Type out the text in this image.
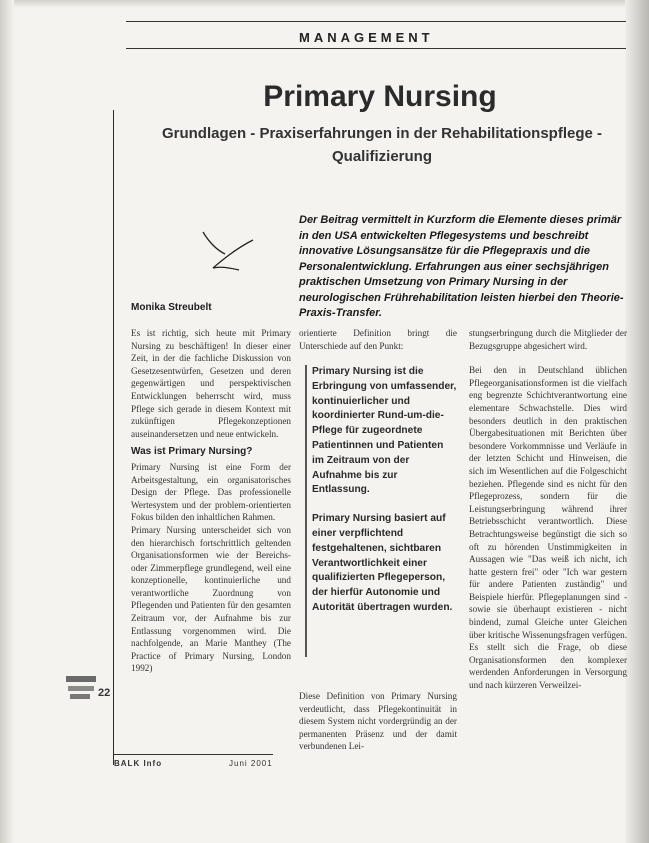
MANAGEMENT
Primary Nursing
Grundlagen - Praxiserfahrungen in der Rehabilitationspflege -
Qualifizierung
Der Beitrag vermittelt in Kurzform die Elemente dieses primär in den USA entwickelten Pflegesystems und beschreibt innovative Lösungsansätze für die Pflegepraxis und die Personalentwicklung. Erfahrungen aus einer sechsjährigen praktischen Umsetzung von Primary Nursing in der neurologischen Frührehabilitation leisten hierbei den Theorie-Praxis-Transfer.
Monika Streubelt

Es ist richtig, sich heute mit Primary Nursing zu beschäftigen! In dieser einer Zeit, in der die fachliche Diskussion von Gesetzesentwürfen, Gesetzen und deren gegenwärtigen und perspektivischen Entwicklungen beherrscht wird, muss Pflege sich gerade in diesem Kontext mit zukünftigen Pflegekonzeptionen auseinandersetzen und neue entwickeln.

Was ist Primary Nursing?

Primary Nursing ist eine Form der Arbeitsgestaltung, ein organisatorisches Design der Pflege. Das professionelle Wertesystem und der problem-orientierten Fokus bilden den inhaltlichen Rahmen.

Primary Nursing unterscheidet sich von den hierarchisch fortschrittlich geltenden Organisationsformen wie der Bereichs- oder Zimmerpflege grundlegend, weil eine konzeptionelle, kontinuierliche und verantwortliche Zuordnung von Pflegenden und Patienten für den gesamten Zeitraum vor, der Aufnahme bis zur Entlassung vorgenommen wird. Die nachfolgende, an Marie Manthey (The Practice of Primary Nursing, London 1992)

orientierte Definition bringt die Unterschiede auf den Punkt:

Primary Nursing ist die Erbringung von umfassender, kontinuierlicher und koordinierter Rund-um-die-Pflege für zugeordnete Patientinnen und Patienten im Zeitraum von der Aufnahme bis zur Entlassung.

Primary Nursing basiert auf einer verpflichtend festgehaltenen, sichtbaren Verantwortlichkeit einer qualifizierten Pflegeperson, der hierfür Autonomie und Autorität übertragen wurden.

Diese Definition von Primary Nursing verdeutlicht, dass Pflegekontinuität in diesem System nicht vordergründig an der permanenten Präsenz und der damit verbundenen Lei-

stungserbringung durch die Mitglieder der Bezugsgruppe abgesichert wird.

Bei den in Deutschland üblichen Pflegeorganisationsformen ist die vielfach eng begrenzte Schichtverantwortung eine elementare Schwachstelle. Dies wird besonders deutlich in den praktischen Übergabesituationen mit Berichten über besondere Vorkommnisse und Verläufe in der letzten Schicht und Hinweisen, die sich im Wesentlichen auf die Folgeschicht beziehen. Pflegende sind es nicht für den Pflegeprozess, sondern für die Leistungserbringung während ihrer Betriebsschicht verantwortlich. Diese Betrachtungsweise begünstigt die sich so oft zu hörenden Unstimmigkeiten in Aussagen wie "Das weiß ich nicht, ich hatte gestern frei" oder "Ich war gestern für andere Patienten zuständig" und Beispiele hierfür. Pflegeplanungen sind - sowie sie überhaupt existieren - nicht bindend, zumal Gleiche unter Gleichen über kritische Wissenungsfragen verfügen. Es stellt sich die Frage, ob diese Organisationsformen den komplexer werdenden Anforderungen in Versorgung und nach kürzeren Verweilzei-

22
BALK Info	Juni 2001
